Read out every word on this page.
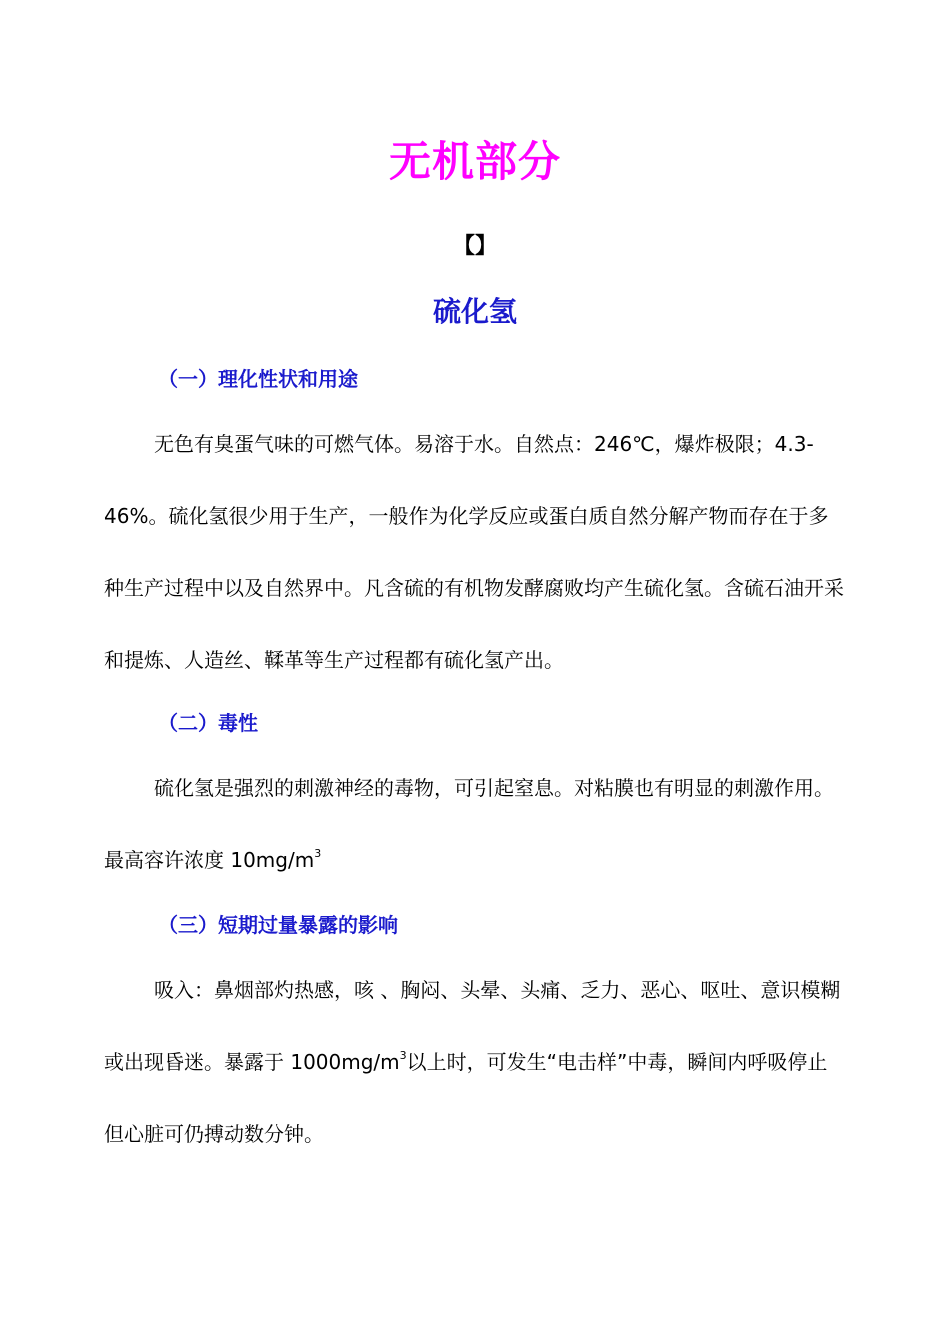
无机部分
【】
硫化氢
（一）理化性状和用途

无色有臭蛋气味的可燃气体。易溶于水。自然点：246℃，爆炸极限；4.3-46%。硫化氢很少用于生产，一般作为化学反应或蛋白质自然分解产物而存在于多种生产过程中以及自然界中。凡含硫的有机物发酵腐败均产生硫化氢。含硫石油开采和提炼、人造丝、鞣革等生产过程都有硫化氢产出。

（二）毒性

硫化氢是强烈的刺激神经的毒物，可引起窒息。对粘膜也有明显的刺激作用。最高容许浓度 $10mg/m^3$

（三）短期过量暴露的影响

吸入：鼻烟部灼热感，咳 、胸闷、头晕、头痛、乏力、恶心、呕吐、意识模糊或出现昏迷。暴露于 $1000mg/m^3$以上时，可发生“电击样”中毒，瞬间内呼吸停止但心脏可仍搏动数分钟。
